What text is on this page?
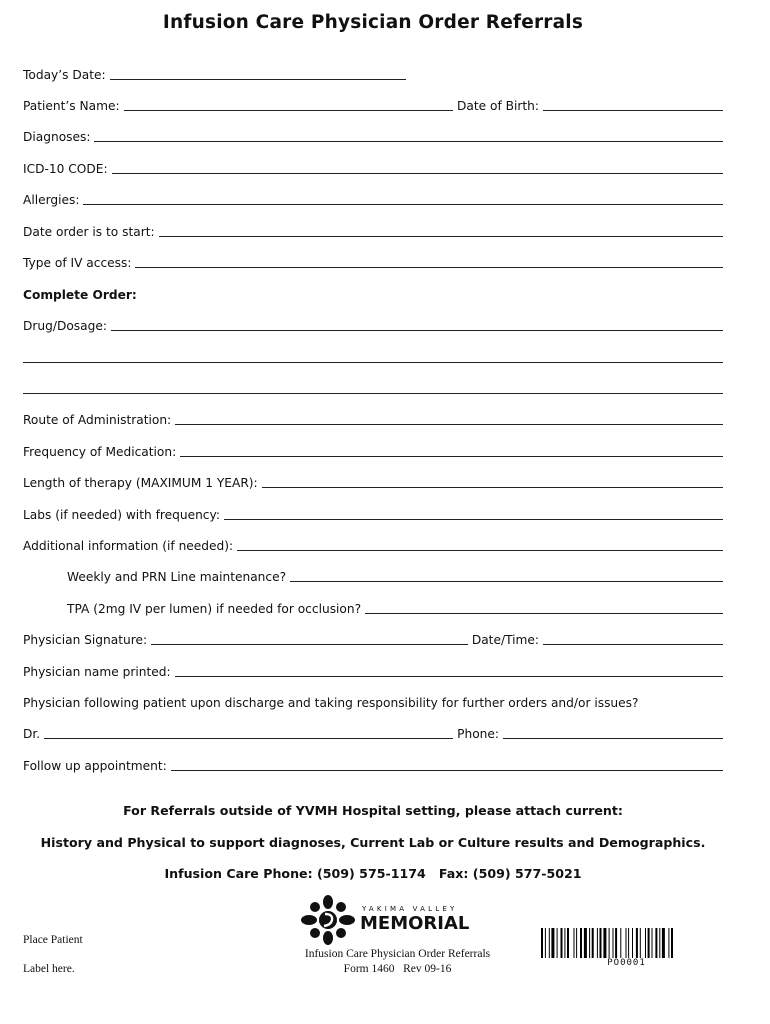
Infusion Care Physician Order Referrals
Today’s Date:
Patient’s Name:	Date of Birth:
Diagnoses:
ICD-10 CODE:
Allergies:
Date order is to start:
Type of IV access:
Complete Order:
Drug/Dosage:
Route of Administration:
Frequency of Medication:
Length of therapy (MAXIMUM 1 YEAR):
Labs (if needed) with frequency:
Additional information (if needed):
Weekly and PRN Line maintenance?
TPA (2mg IV per lumen) if needed for occlusion?
Physician Signature:	Date/Time:
Physician name printed:
Physician following patient upon discharge and taking responsibility for further orders and/or issues?
Dr.	Phone:
Follow up appointment:
For Referrals outside of YVMH Hospital setting, please attach current:
History and Physical to support diagnoses, Current Lab or Culture results and Demographics.
Infusion Care Phone: (509) 575-1174   Fax: (509) 577-5021
Place Patient
Label here.
YAKIMA VALLEY
MEMORIAL
Infusion Care Physician Order Referrals
Form 1460   Rev 09-16	PO0001
